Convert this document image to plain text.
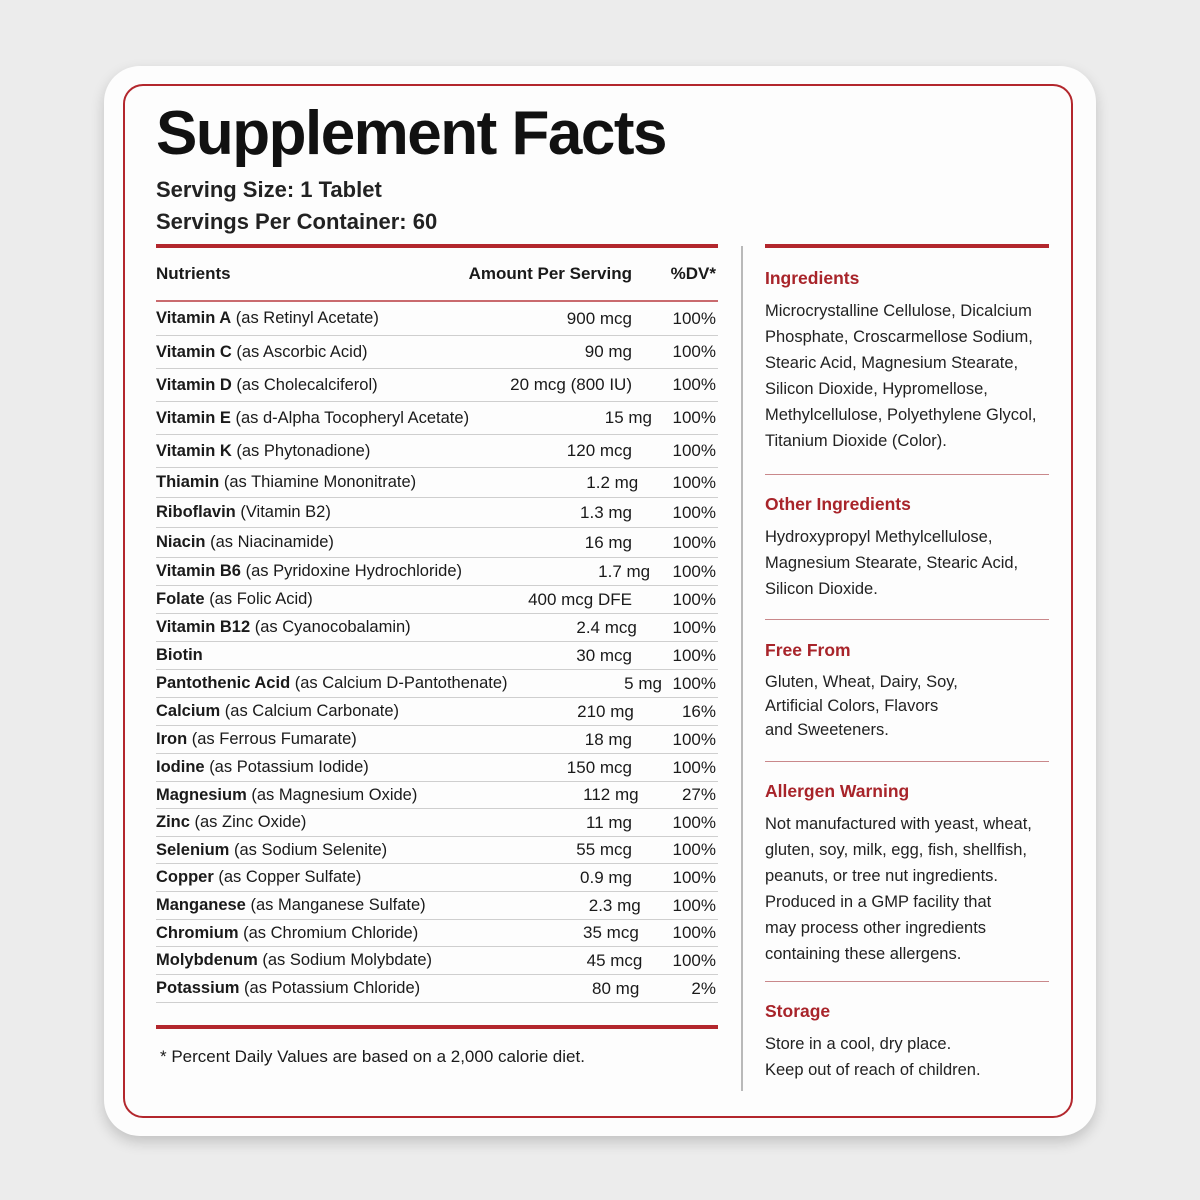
Supplement Facts
Serving Size: 1 Tablet
Servings Per Container: 60
Nutrients	Amount Per Serving	%DV*
Vitamin A (as Retinyl Acetate)	900 mcg	100%
Vitamin C (as Ascorbic Acid)	90 mg	100%
Vitamin D (as Cholecalciferol)	20 mcg (800 IU)	100%
Vitamin E (as d-Alpha Tocopheryl Acetate)	15 mg	100%
Vitamin K (as Phytonadione)	120 mcg	100%
Thiamin (as Thiamine Mononitrate)	1.2 mg	100%
Riboflavin (Vitamin B2)	1.3 mg	100%
Niacin (as Niacinamide)	16 mg	100%
Vitamin B6 (as Pyridoxine Hydrochloride)	1.7 mg	100%
Folate (as Folic Acid)	400 mcg DFE	100%
Vitamin B12 (as Cyanocobalamin)	2.4 mcg	100%
Biotin	30 mcg	100%
Pantothenic Acid (as Calcium D-Pantothenate)	5 mg 100%
Calcium (as Calcium Carbonate)	210 mg	16%
Iron (as Ferrous Fumarate)	18 mg	100%
Iodine (as Potassium Iodide)	150 mcg	100%
Magnesium (as Magnesium Oxide)	112 mg	27%
Zinc (as Zinc Oxide)	11 mg	100%
Selenium (as Sodium Selenite)	55 mcg	100%
Copper (as Copper Sulfate)	0.9 mg	100%
Manganese (as Manganese Sulfate)	2.3 mg	100%
Chromium (as Chromium Chloride)	35 mcg	100%
Molybdenum (as Sodium Molybdate)	45 mcg	100%
Potassium (as Potassium Chloride)	80 mg	2%
* Percent Daily Values are based on a 2,000 calorie diet.
Ingredients

Microcrystalline Cellulose, Dicalcium
Phosphate, Croscarmellose Sodium,
Stearic Acid, Magnesium Stearate,
Silicon Dioxide, Hypromellose,
Methylcellulose, Polyethylene Glycol,
Titanium Dioxide (Color).

Other Ingredients

Hydroxypropyl Methylcellulose,
Magnesium Stearate, Stearic Acid,
Silicon Dioxide.

Free From

Gluten, Wheat, Dairy, Soy,
Artificial Colors, Flavors
and Sweeteners.

Allergen Warning

Not manufactured with yeast, wheat,
gluten, soy, milk, egg, fish, shellfish,
peanuts, or tree nut ingredients.
Produced in a GMP facility that
may process other ingredients
containing these allergens.

Storage

Store in a cool, dry place.
Keep out of reach of children.
